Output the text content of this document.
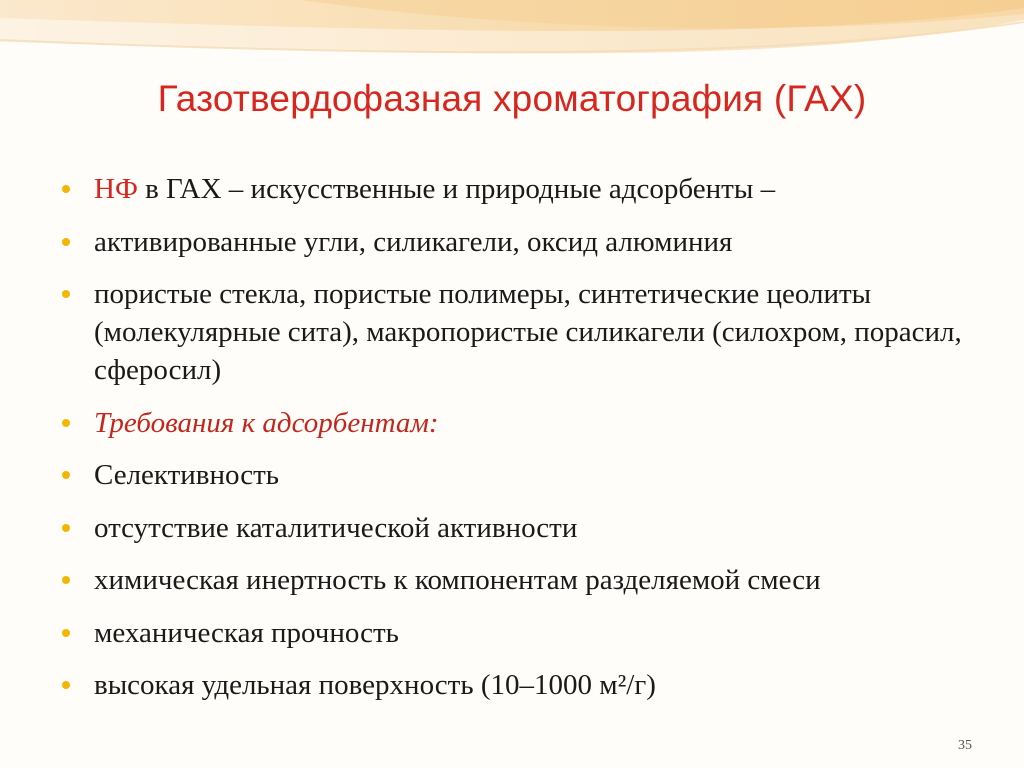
Газотвердофазная хроматография (ГАХ)
НФ в ГАХ – искусственные и природные адсорбенты –
активированные угли, силикагели, оксид алюминия
пористые стекла, пористые полимеры, синтетические цеолиты (молекулярные сита), макропористые силикагели (силохром, порасил, сферосил)
Требования к адсорбентам:
Селективность
отсутствие каталитической активности
химическая инертность к компонентам разделяемой смеси
механическая прочность
высокая удельная поверхность (10–1000 м²/г)
35
